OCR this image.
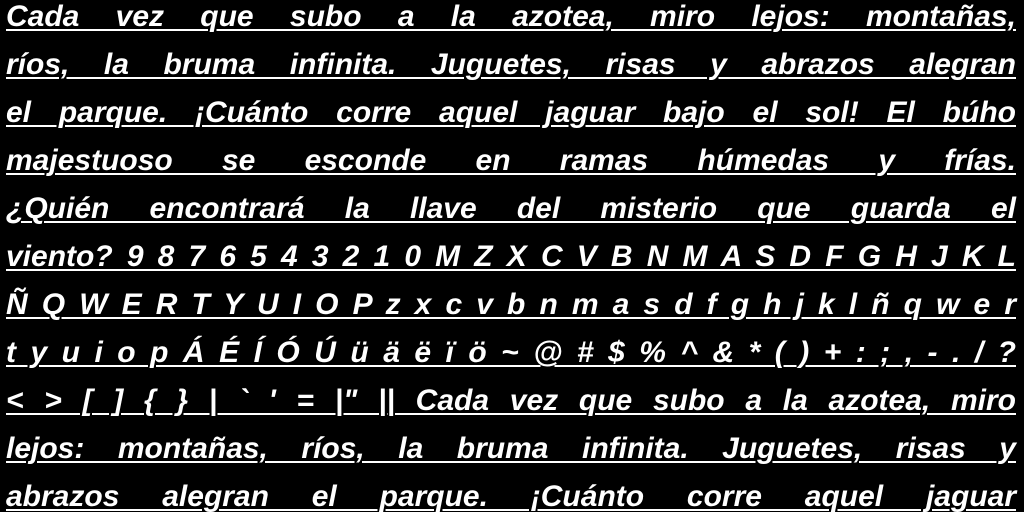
Cada vez que subo a la azotea, miro lejos: montañas,
ríos, la bruma infinita. Juguetes, risas y abrazos alegran
el parque. ¡Cuánto corre aquel jaguar bajo el sol! El búho
majestuoso se esconde en ramas húmedas y frías.
¿Quién encontrará la llave del misterio que guarda el
viento? 9 8 7 6 5 4 3 2 1 0 M Z X C V B N M A S D F G H J K L
Ñ Q W E R T Y U I O P z x c v b n m a s d f g h j k l ñ q w e r
t y u i o p Á É Í Ó Ú ü ä ë ï ö ~ @ # $ % ^ & * ( ) + : ; , - . / ?
< > [ ] { } | ` ' = |" || Cada vez que subo a la azotea, miro
lejos: montañas, ríos, la bruma infinita. Juguetes, risas y
abrazos alegran el parque. ¡Cuánto corre aquel jaguar
